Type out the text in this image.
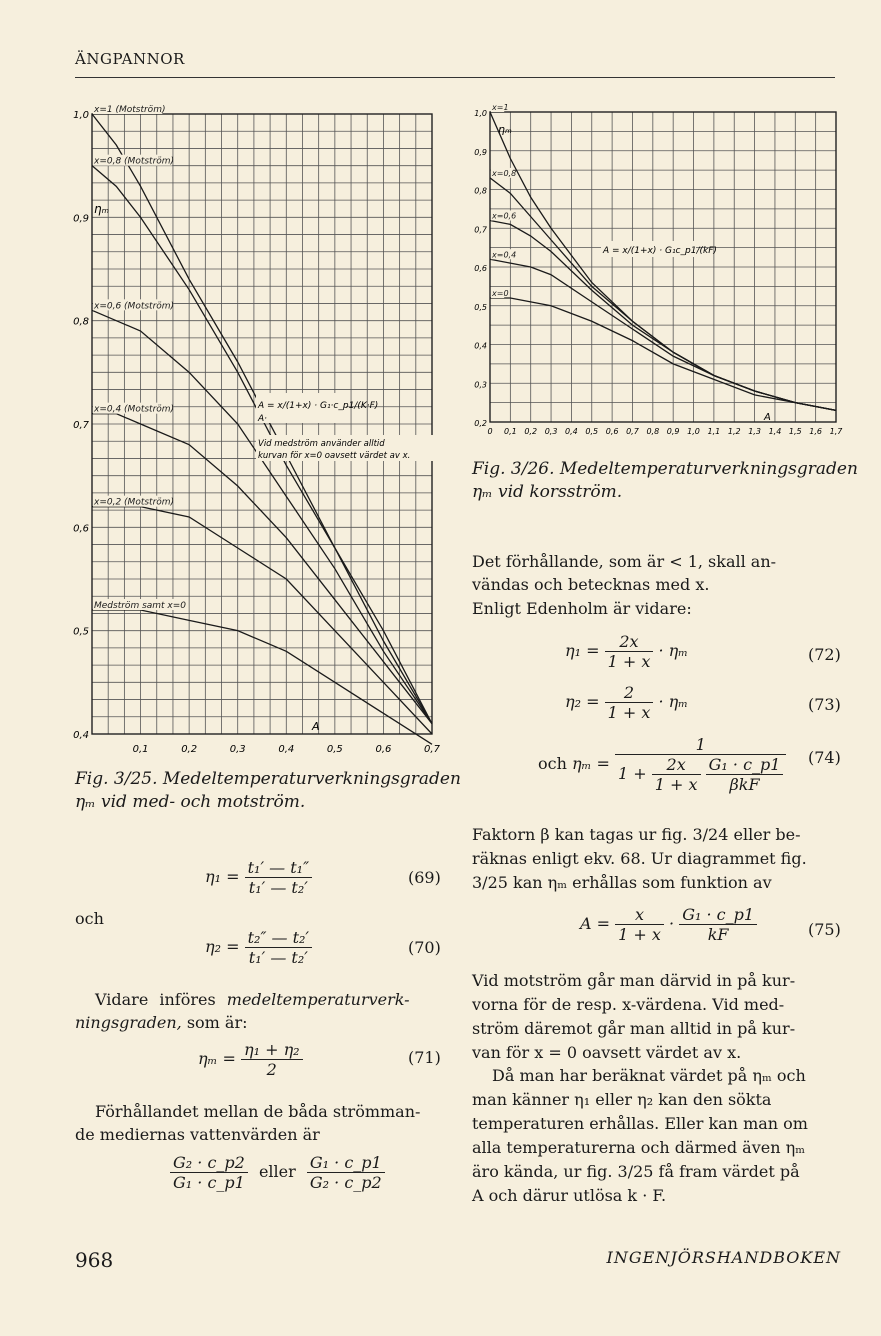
ÄNGPANNOR
x=1 (Motström)
x=0,8 (Motström)
x=0,6 (Motström)
x=0,4 (Motström)
x=0,2 (Motström)
Medström samt x=0
0,4
0,5
0,6
0,7
0,8
0,9
1,0
0,1	0,2	0,3	0,4	0,5	0,6	0,7
ηₘ
A = x/(1+x) · G₁·c_p1/(K·F)
A·
Vid medström använder alltid
kurvan för x=0 oavsett värdet av x.
A
Fig. 3/25. Medeltemperaturverkningsgraden
ηₘ vid med- och motström.
x=1
x=0,8
x=0,6
x=0,4
x=0
0,2
0,3
0,4
0,5
0,6
0,7
0,8
0,9
1,0
0 0,1 0,2 0,3 0,4 0,5 0,6 0,7 0,8 0,9 1,0 1,1 1,2 1,3 1,4 1,5 1,6 1,7
ηₘ
A = x/(1+x) · G₁c_p1/(kF)
A
Fig. 3/26. Medeltemperaturverkningsgraden
ηₘ vid korsström.
$\eta_1 = \frac{\text{t₁′ — t₁″}}{\text{t₁′ — t₂′}}$	(69)
och
$\eta_2 = \frac{\text{t₂″ — t₂′}}{\text{t₁′ — t₂′}}$	(70)
Vidare införes medeltemperaturverk-
ningsgraden, som är:
$\eta_m = \frac{\text{η₁ + η₂}}{2}$	(71)
Förhållandet mellan de båda strömman-
de mediernas vattenvärden är
$\frac{\text{G₂ · c\_p2}}{\text{G₁ · c\_p1}}$ eller $\frac{\text{G₁ · c\_p1}}{\text{G₂ · c\_p2}}$
Det förhållande, som är < 1, skall an-
vändas och betecknas med x.
Enligt Edenholm är vidare:
$\eta_1 = \frac{2x}{1 + x} \cdot \eta_m$	(72)
$\eta_2 = \frac{2}{1 + x} \cdot \eta_m$	(73)
och ηₘ = 1
$1 + \frac{2x}{1 + x}$
$\frac{\text{G₁ · c\_p1}}{\text{βkF}} (74)$
Faktorn β kan tagas ur fig. 3/24 eller be-
räknas enligt ekv. 68. Ur diagrammet fig.
3/25 kan ηₘ erhållas som funktion av
$A = \frac{x}{1 + x} \cdot \frac{\text{G₁ · c\_p1}}{kF}$	(75)
Vid motström går man därvid in på kur-
vorna för de resp. x-värdena. Vid med-
ström däremot går man alltid in på kur-
van för x = 0 oavsett värdet av x.
Då man har beräknat värdet på ηₘ och
man känner η₁ eller η₂ kan den sökta
temperaturen erhållas. Eller kan man om
alla temperaturerna och därmed även ηₘ
äro kända, ur fig. 3/25 få fram värdet på
A och därur utlösa k · F.
968	INGENJÖRSHANDBOKEN
